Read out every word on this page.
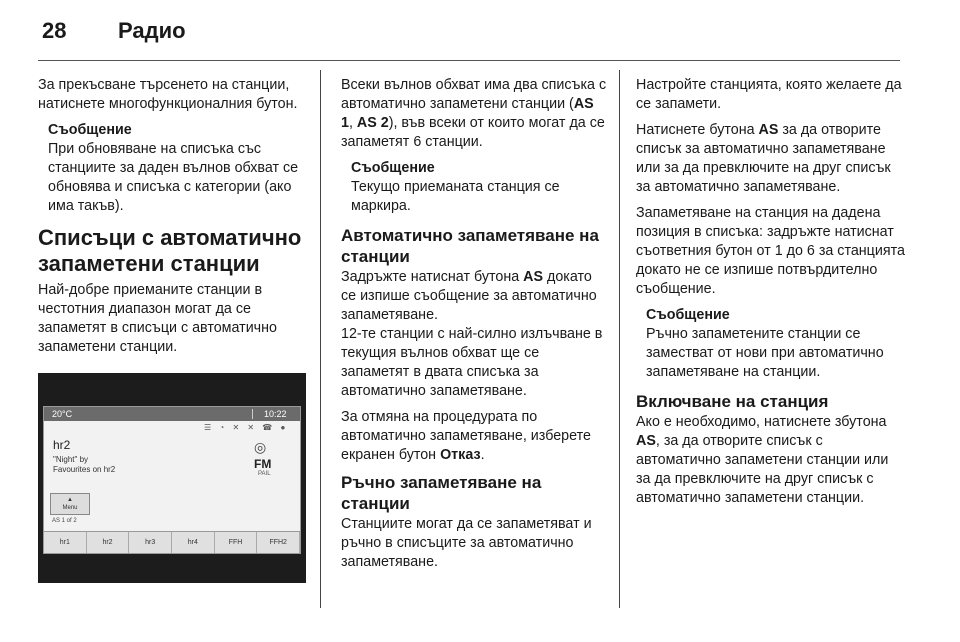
28 Радио
За прекъсване търсенето на станции, натиснете многофункционалния бутон.
Съобщение
При обновяване на списъка със станциите за даден вълнов обхват се обновява и списъка с категории (ако има такъв).
Списъци с автоматично запаметени станции
Най-добре приеманите станции в честотния диапазон могат да се запаметят в списъци с автоматично запаметени станции.
20°C	10:22
☰ ◔ ✕ ✕ ☎ ●
hr2
"Night" by
Favourites on hr2
◎
FM
PAIL
▲
Menu
AS 1 of 2
hr1	hr2	hr3	hr4	FFH	FFH2
Всеки вълнов обхват има два списъка с автоматично запаметени станции (AS 1, AS 2), във всеки от които могат да се запаметят 6 станции.
Съобщение
Текущо приеманата станция се маркира.
Автоматично запаметяване на станции
Задръжте натиснат бутона AS докато се изпише съобщение за автоматично запаметяване.
12-те станции с най-силно излъчване в текущия вълнов обхват ще се запаметят в двата списъка за автоматично запаметяване.
За отмяна на процедурата по автоматично запаметяване, изберете екранен бутон Отказ.
Ръчно запаметяване на станции
Станциите могат да се запаметяват и ръчно в списъците за автоматично запаметяване.
Настройте станцията, която желаете да се запамети.
Натиснете бутона AS за да отворите списък за автоматично запаметяване или за да превключите на друг списък за автоматично запаметяване.
Запаметяване на станция на дадена позиция в списъка: задръжте натиснат съответния бутон от 1 до 6 за станцията докато не се изпише потвърдително съобщение.
Съобщение
Ръчно запаметените станции се заместват от нови при автоматично запаметяване на станции.
Включване на станция
Ако е необходимо, натиснете збутона AS, за да отворите списък с автоматично запаметени станции или за да превключите на друг списък с автоматично запаметени станции.
